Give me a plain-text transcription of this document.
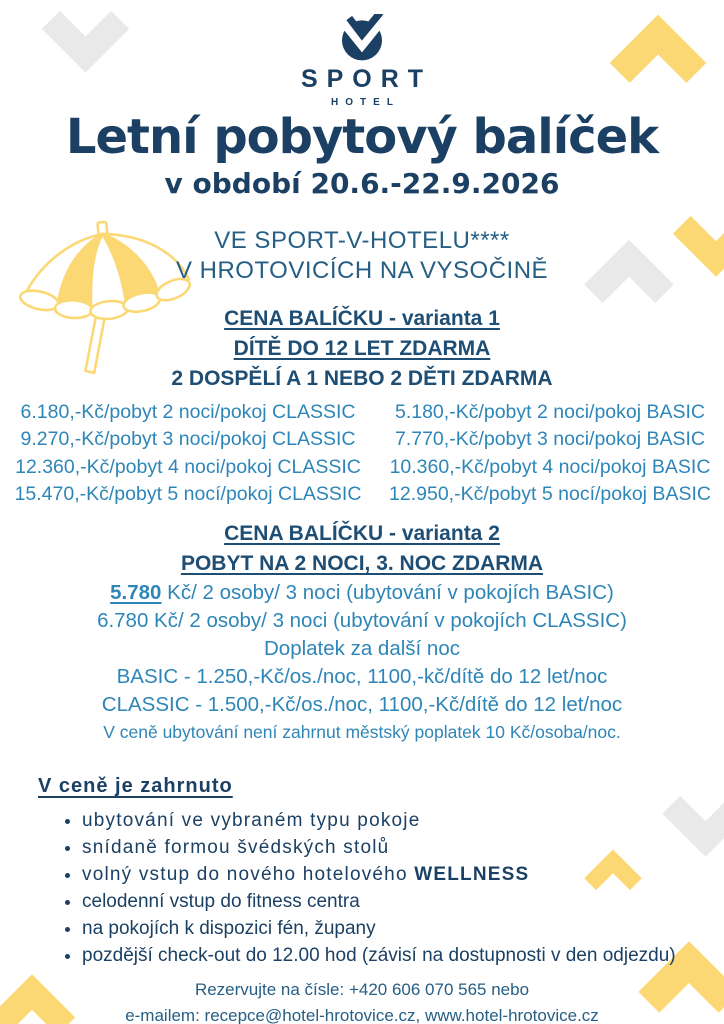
SPORT
HOTEL
Letní pobytový balíček
v období 20.6.-22.9.2026
VE SPORT-V-HOTELU****
V HROTOVICÍCH NA VYSOČINĚ
CENA BALÍČKU - varianta 1
DÍTĚ DO 12 LET ZDARMA
2 DOSPĚLÍ A 1 NEBO 2 DĚTI ZDARMA
6.180,-Kč/pobyt 2 noci/pokoj CLASSIC	5.180,-Kč/pobyt 2 noci/pokoj BASIC
9.270,-Kč/pobyt 3 noci/pokoj CLASSIC	7.770,-Kč/pobyt 3 noci/pokoj BASIC
12.360,-Kč/pobyt 4 noci/pokoj CLASSIC	10.360,-Kč/pobyt 4 noci/pokoj BASIC
15.470,-Kč/pobyt 5 nocí/pokoj CLASSIC	12.950,-Kč/pobyt 5 nocí/pokoj BASIC
CENA BALÍČKU - varianta 2
POBYT NA 2 NOCI, 3. NOC ZDARMA
5.780 Kč/ 2 osoby/ 3 noci (ubytování v pokojích BASIC)
6.780 Kč/ 2 osoby/ 3 noci (ubytování v pokojích CLASSIC)
Doplatek za další noc
BASIC - 1.250,-Kč/os./noc, 1100,-kč/dítě do 12 let/noc
CLASSIC - 1.500,-Kč/os./noc, 1100,-Kč/dítě do 12 let/noc
V ceně ubytování není zahrnut městský poplatek 10 Kč/osoba/noc.
V ceně je zahrnuto
• ubytování ve vybraném typu pokoje
• snídaně formou švédských stolů
• volný vstup do nového hotelového WELLNESS
• celodenní vstup do fitness centra
• na pokojích k dispozici fén, župany
• pozdější check-out do 12.00 hod (závisí na dostupnosti v den odjezdu)
Rezervujte na čísle: +420 606 070 565 nebo
e-mailem: recepce@hotel-hrotovice.cz, www.hotel-hrotovice.cz
